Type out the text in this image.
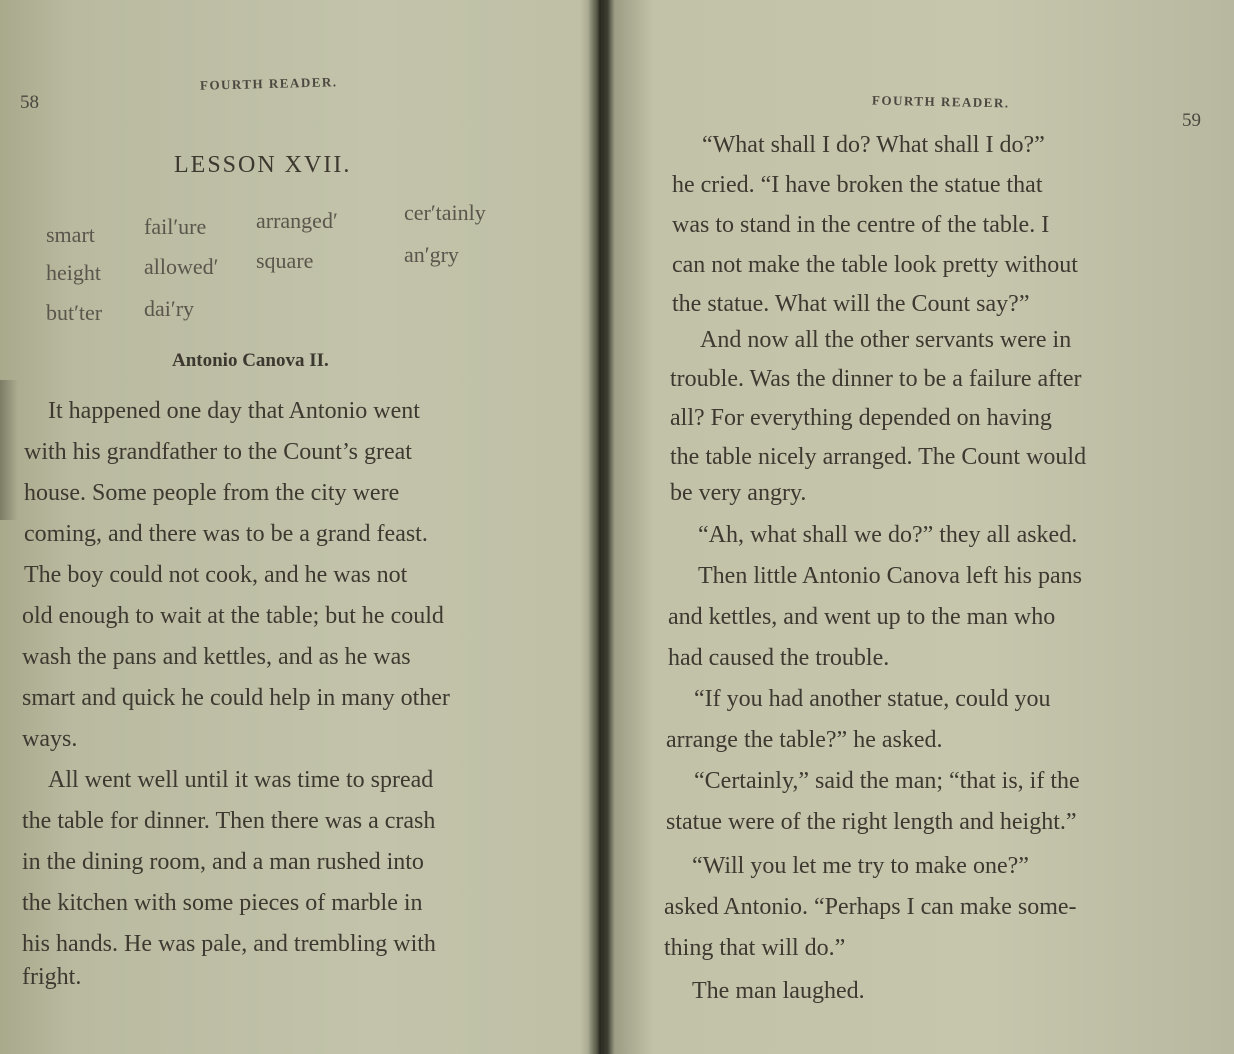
58
FOURTH READER.
LESSON XVII.
smart fail′ure arranged′	cer′tainly
height allowed′ square	an′gry
but′ter dai′ry
Antonio Canova II.
It happened one day that Antonio went
with his grandfather to the Count’s great
house. Some people from the city were
coming, and there was to be a grand feast.
The boy could not cook, and he was not
old enough to wait at the table; but he could
wash the pans and kettles, and as he was
smart and quick he could help in many other
ways.
All went well until it was time to spread
the table for dinner. Then there was a crash
in the dining room, and a man rushed into
the kitchen with some pieces of marble in
his hands. He was pale, and trembling with
fright.
FOURTH READER.
59
“What shall I do? What shall I do?”
he cried. “I have broken the statue that
was to stand in the centre of the table. I
can not make the table look pretty without
the statue. What will the Count say?”
And now all the other servants were in
trouble. Was the dinner to be a failure after
all? For everything depended on having
the table nicely arranged. The Count would
be very angry.
“Ah, what shall we do?” they all asked.
Then little Antonio Canova left his pans
and kettles, and went up to the man who
had caused the trouble.
“If you had another statue, could you
arrange the table?” he asked.
“Certainly,” said the man; “that is, if the
statue were of the right length and height.”
“Will you let me try to make one?”
asked Antonio. “Perhaps I can make some-
thing that will do.”
The man laughed.
